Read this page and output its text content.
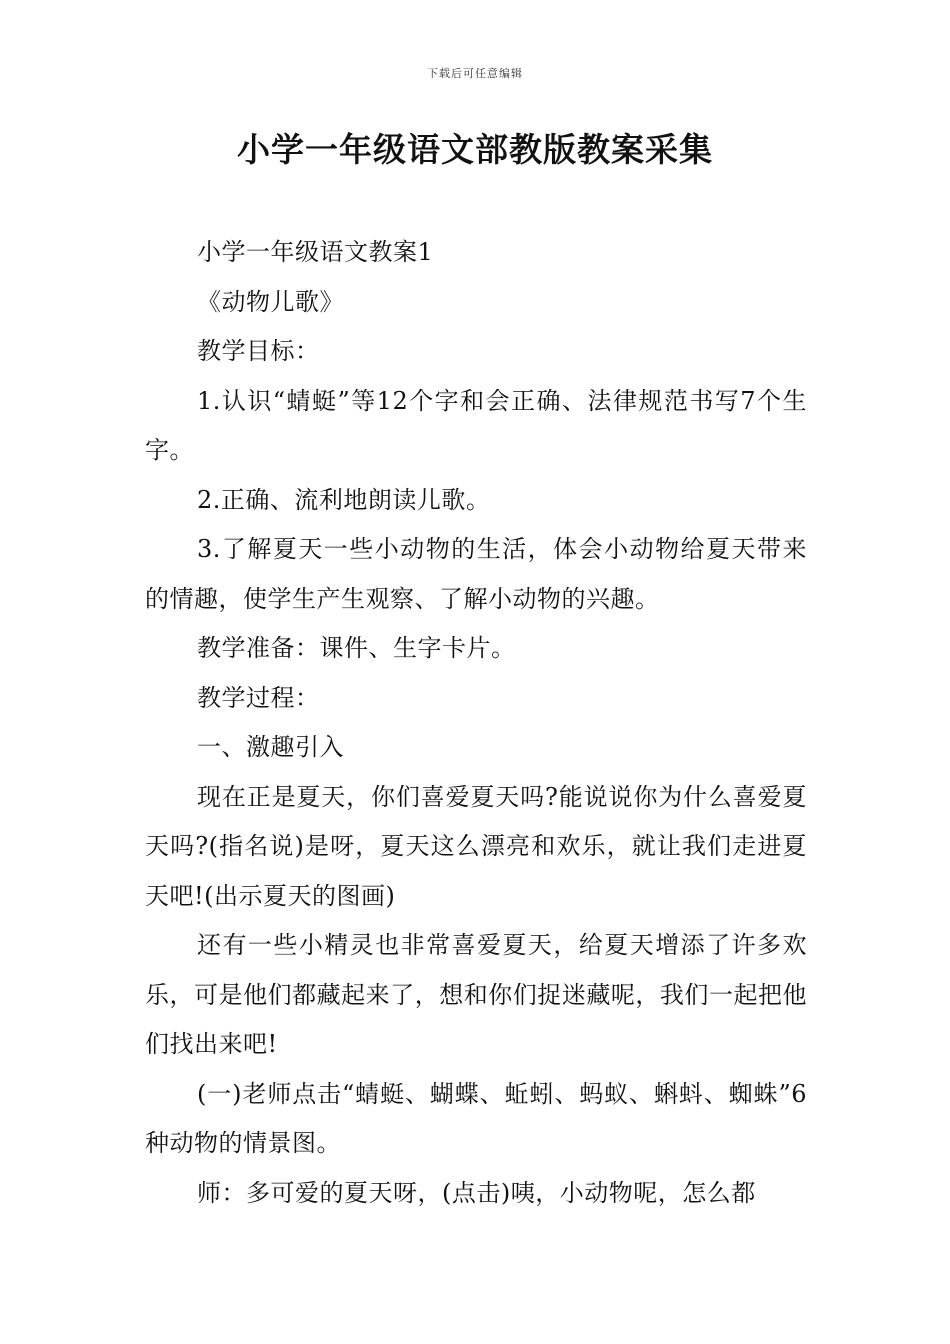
下载后可任意编辑
小学一年级语文部教版教案采集

小学一年级语文教案1

《动物儿歌》

教学目标：

1.认识“蜻蜓”等12个字和会正确、法律规范书写7个生字。

2.正确、流利地朗读儿歌。

3.了解夏天一些小动物的生活，体会小动物给夏天带来的情趣，使学生产生观察、了解小动物的兴趣。

教学准备：课件、生字卡片。

教学过程：

一、激趣引入

现在正是夏天，你们喜爱夏天吗?能说说你为什么喜爱夏天吗?(指名说)是呀，夏天这么漂亮和欢乐，就让我们走进夏天吧!(出示夏天的图画)

还有一些小精灵也非常喜爱夏天，给夏天增添了许多欢乐，可是他们都藏起来了，想和你们捉迷藏呢，我们一起把他们找出来吧!

(一)老师点击“蜻蜓、蝴蝶、蚯蚓、蚂蚁、蝌蚪、蜘蛛”6种动物的情景图。

师：多可爱的夏天呀，(点击)咦，小动物呢，怎么都
